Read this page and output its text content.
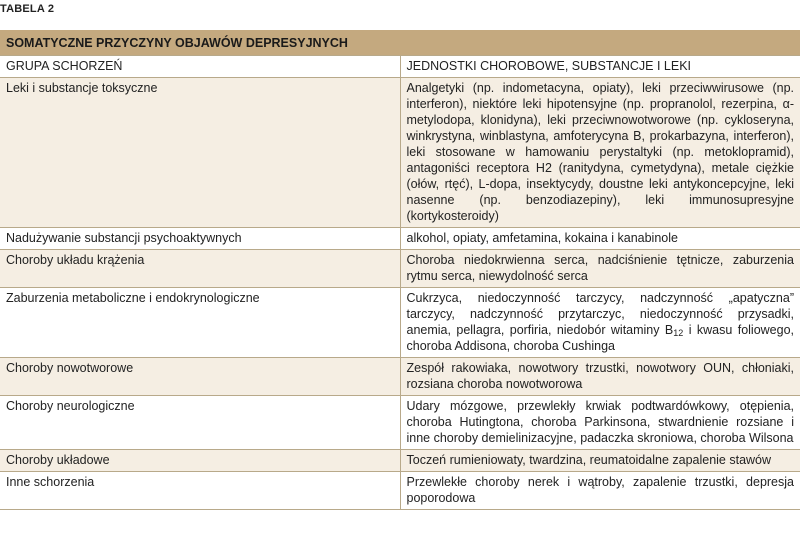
TABELA 2
SOMATYCZNE PRZYCZYNY OBJAWÓW DEPRESYJNYCH	
GRUPA SCHORZEŃ	JEDNOSTKI CHOROBOWE, SUBSTANCJE I LEKI
Leki i substancje toksyczne	Analgetyki (np. indometacyna, opiaty), leki przeciwwirusowe (np. interferon), niektóre leki hipotensyjne (np. propranolol, rezerpina, α-metylodopa, klonidyna), leki przeciwnowotworowe (np. cykloseryna, winkrystyna, winblastyna, amfoterycyna B, prokarbazyna, interferon), leki stosowane w hamowaniu perystaltyki (np. metoklopramid), antagoniści receptora H2 (ranitydyna, cymetydyna), metale ciężkie (ołów, rtęć), L-dopa, insektycydy, doustne leki antykoncepcyjne, leki nasenne (np. benzodiazepiny), leki immunosupresyjne (kortykosteroidy)
Nadużywanie substancji psychoaktywnych	alkohol, opiaty, amfetamina, kokaina i kanabinole
Choroby układu krążenia	Choroba niedokrwienna serca, nadciśnienie tętnicze, zaburzenia rytmu serca, niewydolność serca
Zaburzenia metaboliczne i endokrynologiczne	Cukrzyca, niedoczynność tarczycy, nadczynność „apatyczna” tarczycy, nadczynność przytarczyc, niedoczynność przysadki, anemia, pellagra, porfiria, niedobór witaminy $B_{12}$ i kwasu foliowego, choroba Addisona, choroba Cushinga
Choroby nowotworowe	Zespół rakowiaka, nowotwory trzustki, nowotwory OUN, chłoniaki, rozsiana choroba nowotworowa
Choroby neurologiczne	Udary mózgowe, przewlekły krwiak podtwardówkowy, otępienia, choroba Hutingtona, choroba Parkinsona, stwardnienie rozsiane i inne choroby demielinizacyjne, padaczka skroniowa, choroba Wilsona
Choroby układowe	Toczeń rumieniowaty, twardzina, reumatoidalne zapalenie stawów
Inne schorzenia	Przewlekłe choroby nerek i wątroby, zapalenie trzustki, depresja poporodowa
